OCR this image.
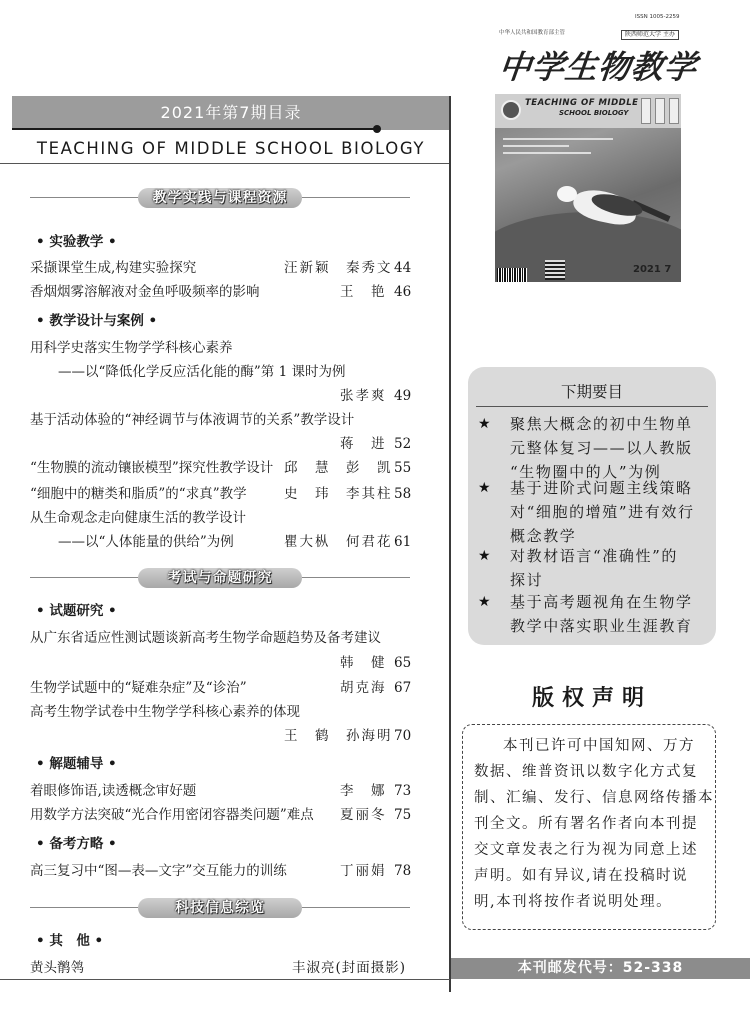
ISSN 1005-2259
中华人民共和国教育部主管	陕西师范大学 主办
中学生物教学
TEACHING OF MIDDLE
SCHOOL BIOLOGY
2021 7
2021年第7期目录
TEACHING OF MIDDLE SCHOOL BIOLOGY
教学实践与课程资源
• 实验教学 •
采撷课堂生成,构建实验探究	汪新颖　秦秀文 44
香烟烟雾溶解液对金鱼呼吸频率的影响	王　艳 46
• 教学设计与案例 •
用科学史落实生物学学科核心素养
——以“降低化学反应活化能的酶”第 1 课时为例
张孝爽 49
基于活动体验的“神经调节与体液调节的关系”教学设计
蒋　进 52
“生物膜的流动镶嵌模型”探究性教学设计 邱　慧　彭　凯 55
“细胞中的糖类和脂质”的“求真”教学	史　玮　李其柱 58
从生命观念走向健康生活的教学设计
——以“人体能量的供给”为例	瞿大枞　何君花 61
考试与命题研究
• 试题研究 •
从广东省适应性测试题谈新高考生物学命题趋势及备考建议
韩　健 65
生物学试题中的“疑难杂症”及“诊治”	胡克海 67
高考生物学试卷中生物学学科核心素养的体现
王　鹤　孙海明 70
• 解题辅导 •
着眼修饰语,读透概念审好题	李　娜 73
用数学方法突破“光合作用密闭容器类问题”难点 夏丽冬 75
• 备考方略 •
高三复习中“图—表—文字”交互能力的训练	丁丽娟 78
科技信息综览
• 其　他 •
黄头鹡鸰	丰淑亮(封面摄影)
下期要目
★ 聚焦大概念的初中生物单
元整体复习——以人教版
“生物圈中的人”为例
★ 基于进阶式问题主线策略
对“细胞的增殖”进有效行
概念教学
★ 对教材语言“准确性”的
探讨
★ 基于高考题视角在生物学
教学中落实职业生涯教育
版权声明
本刊已许可中国知网、万方
数据、维普资讯以数字化方式复
制、汇编、发行、信息网络传播本
刊全文。所有署名作者向本刊提
交文章发表之行为视为同意上述
声明。如有异议,请在投稿时说
明,本刊将按作者说明处理。
本刊邮发代号：52-338
